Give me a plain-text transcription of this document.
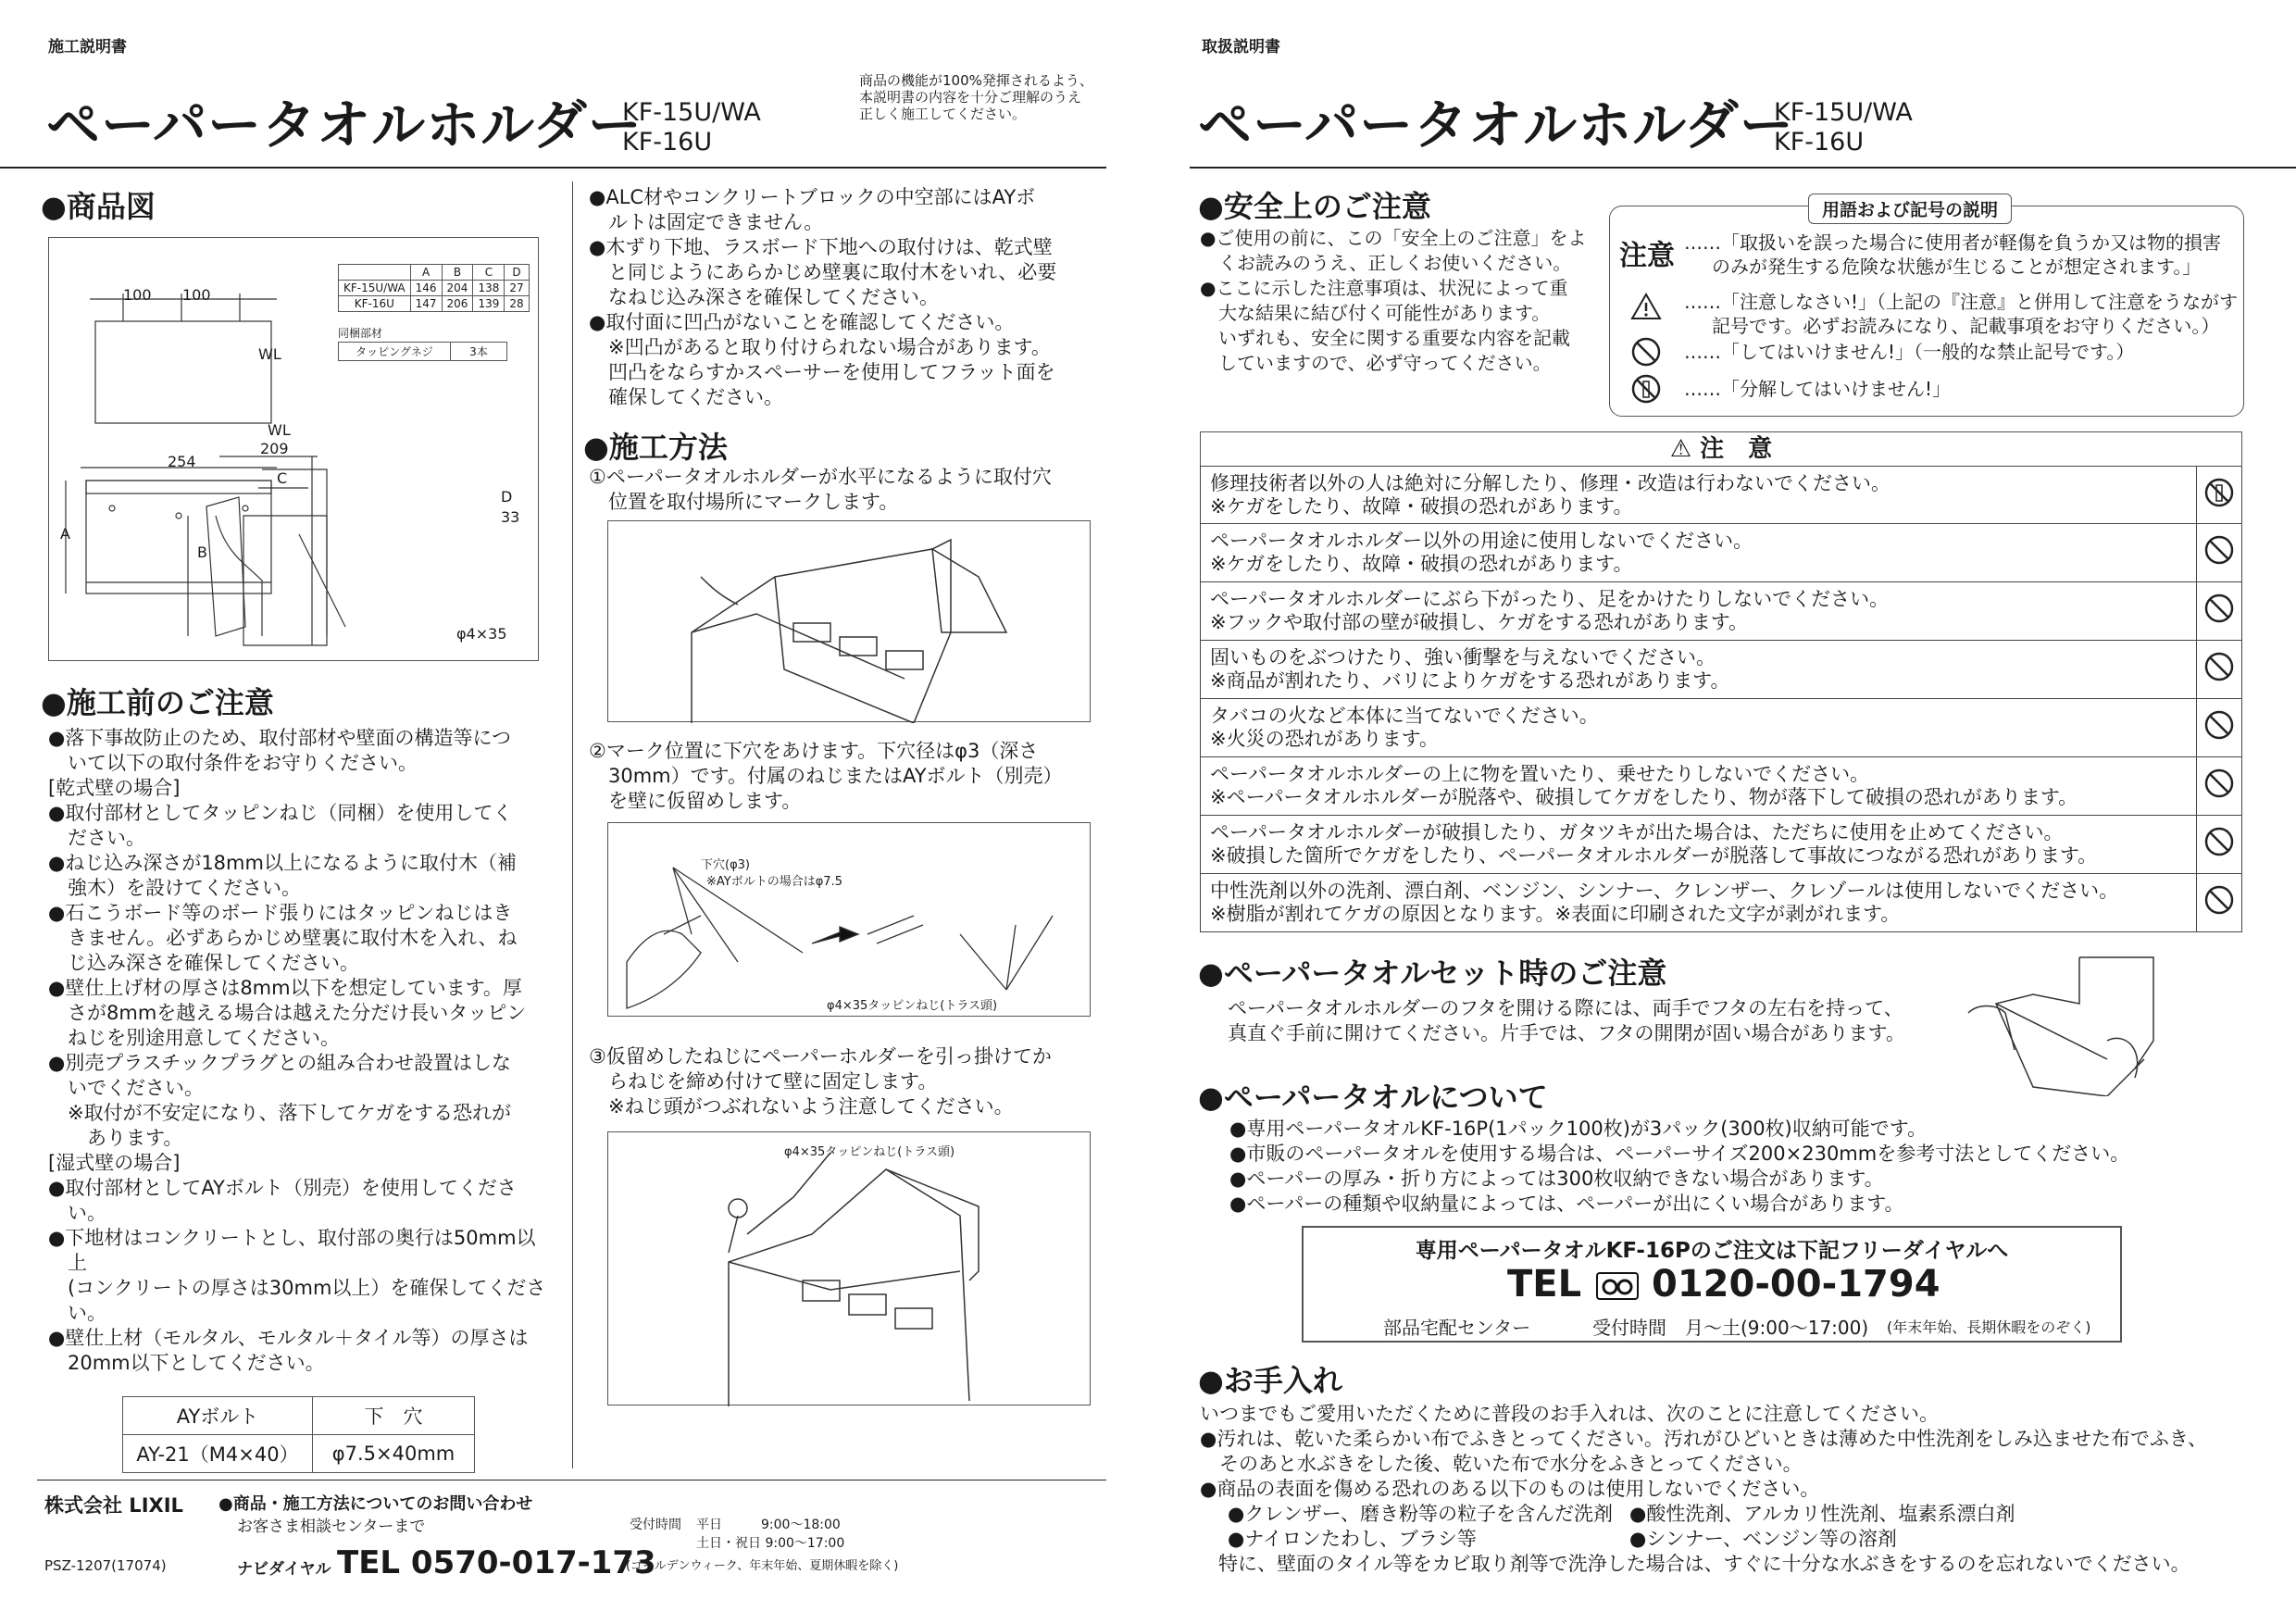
施工説明書
ペーパータオルホルダー
KF-15U/WA
KF-16U
商品の機能が100%発揮されるよう、
本説明書の内容を十分ご理解のうえ
正しく施工してください。
●商品図
100 100
WL
WL
254
209
C
D
33
A
B
φ4×35
	A	B	C	D
KF-15U/WA	146	204	138	27
KF-16U	147	206	139	28
同梱部材
タッピングネジ	3本
●施工前のご注意

●落下事故防止のため、取付部材や壁面の構造等につ

　いて以下の取付条件をお守りください。

[乾式壁の場合]

●取付部材としてタッピンねじ（同梱）を使用してく

　ださい。

●ねじ込み深さが18mm以上になるように取付木（補

　強木）を設けてください。

●石こうボード等のボード張りにはタッピンねじはき

　きません。必ずあらかじめ壁裏に取付木を入れ、ね

　じ込み深さを確保してください。

●壁仕上げ材の厚さは8mm以下を想定しています。厚

　さが8mmを越える場合は越えた分だけ長いタッピン

　ねじを別途用意してください。

●別売プラスチックプラグとの組み合わせ設置はしな

　いでください。

　※取付が不安定になり、落下してケガをする恐れが

　　あります。

[湿式壁の場合]

●取付部材としてAYボルト（別売）を使用してくださ

　い。

●下地材はコンクリートとし、取付部の奥行は50mm以

　上

　(コンクリートの厚さは30mm以上）を確保してくださ

　い。

●壁仕上材（モルタル、モルタル＋タイル等）の厚さは

　20mm以下としてください。

AYボルト	下　穴
AY-21（M4×40）	φ7.5×40mm

●ALC材やコンクリートブロックの中空部にはAYボ

　ルトは固定できません。

●木ずり下地、ラスボード下地への取付けは、乾式壁

　と同じようにあらかじめ壁裏に取付木をいれ、必要

　なねじ込み深さを確保してください。

●取付面に凹凸がないことを確認してください。

　※凹凸があると取り付けられない場合があります。

　凹凸をならすかスペーサーを使用してフラット面を

　確保してください。

●施工方法

①ペーパータオルホルダーが水平になるように取付穴

　位置を取付場所にマークします。

②マーク位置に下穴をあけます。下穴径はφ3（深さ

　30mm）です。付属のねじまたはAYボルト（別売）

　を壁に仮留めします。

下穴(φ3)
※AYボルトの場合はφ7.5
φ4×35タッピンねじ(トラス頭)

③仮留めしたねじにペーパーホルダーを引っ掛けてか

　らねじを締め付けて壁に固定します。

　※ねじ頭がつぶれないよう注意してください。

φ4×35タッピンねじ(トラス頭)
株式会社 LIXIL ●商品・施工方法についてのお問い合わせ
お客さま相談センターまで	受付時間 平日　　　9:00～18:00
土日・祝日 9:00～17:00
PSZ-1207(17074)	ナビダイヤル TEL 0570-017-173
(ゴールデンウィーク、年末年始、夏期休暇を除く)
取扱説明書
ペーパータオルホルダー
KF-15U/WA
KF-16U
●安全上のご注意

●ご使用の前に、この「安全上のご注意」をよ

　くお読みのうえ、正しくお使いください。

●ここに示した注意事項は、状況によって重

　大な結果に結び付く可能性があります。

　いずれも、安全に関する重要な内容を記載

　していますので、必ず守ってください。

用語および記号の説明
注意 ……「取扱いを誤った場合に使用者が軽傷を負うか又は物的損害
のみが発生する危険な状態が生じることが想定されます。」
……「注意しなさい!」（上記の『注意』と併用して注意をうながす
記号です。必ずお読みになり、記載事項をお守りください。）
……「してはいけません!」（一般的な禁止記号です。）
……「分解してはいけません!」
⚠ 注　意
修理技術者以外の人は絶対に分解したり、修理・改造は行わないでください。
※ケガをしたり、故障・破損の恐れがあります。

ペーパータオルホルダー以外の用途に使用しないでください。
※ケガをしたり、故障・破損の恐れがあります。

ペーパータオルホルダーにぶら下がったり、足をかけたりしないでください。
※フックや取付部の壁が破損し、ケガをする恐れがあります。

固いものをぶつけたり、強い衝撃を与えないでください。
※商品が割れたり、バリによりケガをする恐れがあります。

タバコの火など本体に当てないでください。
※火災の恐れがあります。

ペーパータオルホルダーの上に物を置いたり、乗せたりしないでください。
※ペーパータオルホルダーが脱落や、破損してケガをしたり、物が落下して破損の恐れがあります。

ペーパータオルホルダーが破損したり、ガタツキが出た場合は、ただちに使用を止めてください。
※破損した箇所でケガをしたり、ペーパータオルホルダーが脱落して事故につながる恐れがあります。

中性洗剤以外の洗剤、漂白剤、ベンジン、シンナー、クレンザー、クレゾールは使用しないでください。
※樹脂が割れてケガの原因となります。※表面に印刷された文字が剥がれます。

●ペーパータオルセット時のご注意

ペーパータオルホルダーのフタを開ける際には、両手でフタの左右を持って、

真直ぐ手前に開けてください。片手では、フタの開閉が固い場合があります。

●ペーパータオルについて

●専用ペーパータオルKF-16P(1パック100枚)が3パック(300枚)収納可能です。

●市販のペーパータオルを使用する場合は、ペーパーサイズ200×230mmを参考寸法としてください。

●ペーパーの厚み・折り方によっては300枚収納できない場合があります。

●ペーパーの種類や収納量によっては、ペーパーが出にくい場合があります。

専用ペーパータオルKF-16Pのご注文は下記フリーダイヤルへ
TEL 0120-00-1794
部品宅配センター	受付時間　月～土(9:00～17:00) (年末年始、長期休暇をのぞく)
●お手入れ

いつまでもご愛用いただくために普段のお手入れは、次のことに注意してください。

●汚れは、乾いた柔らかい布でふきとってください。汚れがひどいときは薄めた中性洗剤をしみ込ませた布でふき、

　そのあと水ぶきをした後、乾いた布で水分をふきとってください。

●商品の表面を傷める恐れのある以下のものは使用しないでください。

●クレンザー、磨き粉等の粒子を含んだ洗剤 ●酸性洗剤、アルカリ性洗剤、塩素系漂白剤
●ナイロンたわし、ブラシ等	●シンナー、ベンジン等の溶剤
特に、壁面のタイル等をカビ取り剤等で洗浄した場合は、すぐに十分な水ぶきをするのを忘れないでください。
